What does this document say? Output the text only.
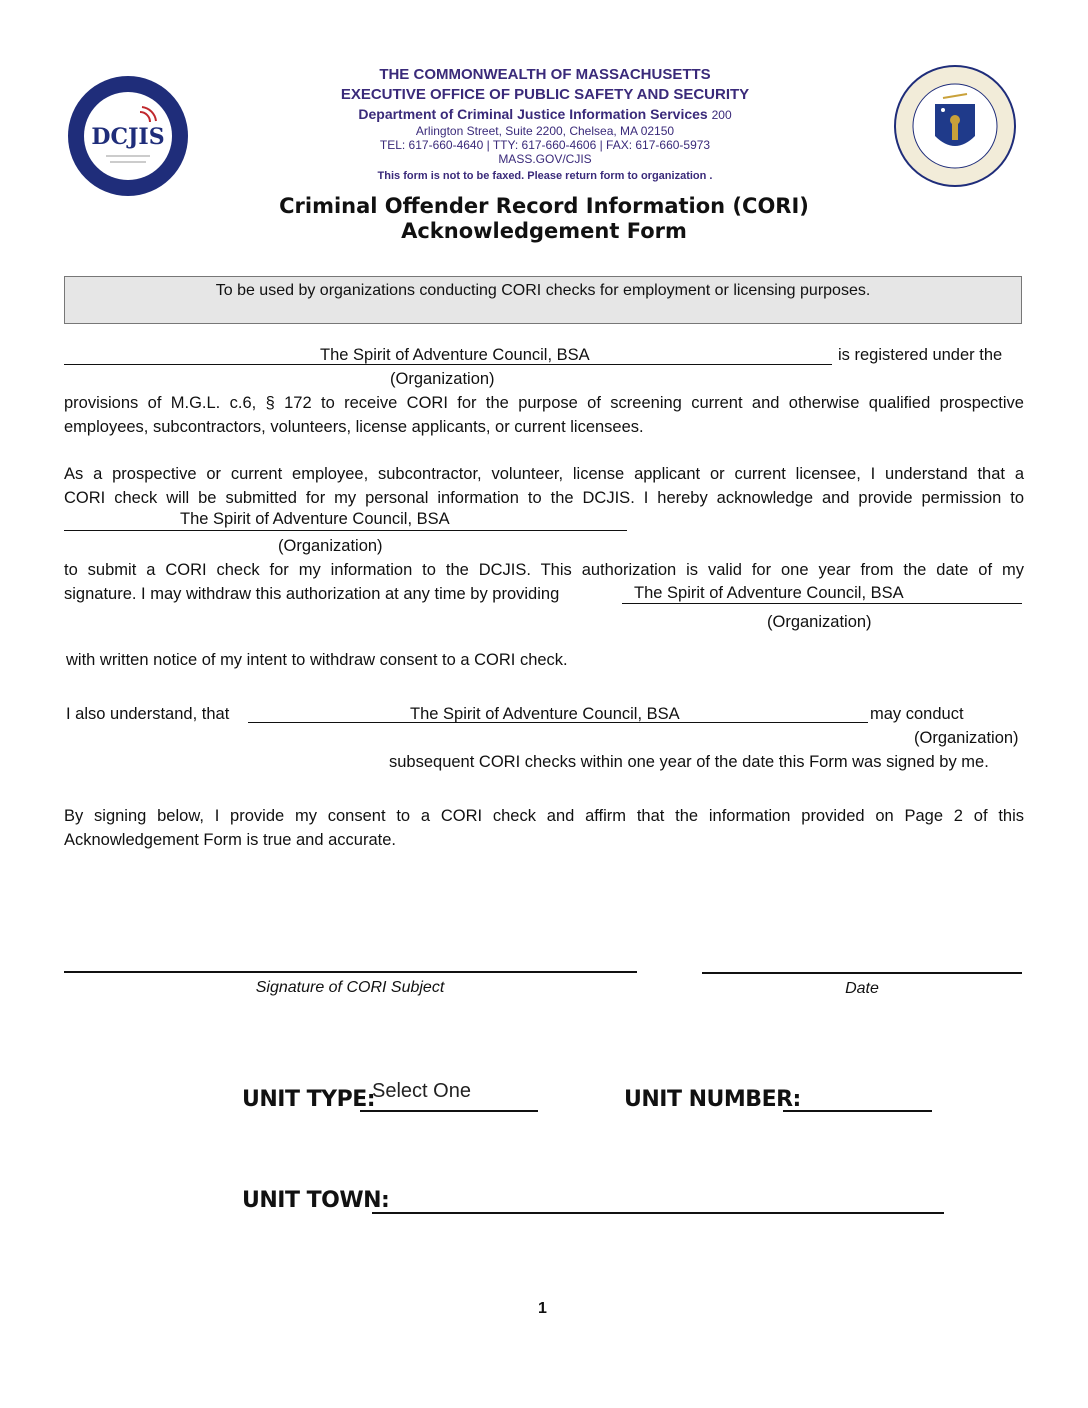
DCJIS
THE COMMONWEALTH OF MASSACHUSETTS
EXECUTIVE OFFICE OF PUBLIC SAFETY AND SECURITY
Department of Criminal Justice Information Services 200
Arlington Street, Suite 2200, Chelsea, MA 02150
TEL: 617-660-4640 | TTY: 617-660-4606 | FAX: 617-660-5973
MASS.GOV/CJIS
This form is not to be faxed. Please return form to organization .
Criminal Offender Record Information (CORI)
Acknowledgement Form
To be used by organizations conducting CORI checks for employment or licensing purposes.
The Spirit of Adventure Council, BSA	is registered under the
(Organization)
provisions of M.G.L. c.6, § 172 to receive CORI for the purpose of screening current and otherwise qualified prospective
employees, subcontractors, volunteers, license applicants, or current licensees.
As a prospective or current employee, subcontractor, volunteer, license applicant or current licensee, I understand that a
CORI check will be submitted for my personal information to the DCJIS. I hereby acknowledge and provide permission to
The Spirit of Adventure Council, BSA
(Organization)
to submit a CORI check for my information to the DCJIS. This authorization is valid for one year from the date of my
signature. I may withdraw this authorization at any time by providing	The Spirit of Adventure Council, BSA
(Organization)
with written notice of my intent to withdraw consent to a CORI check.
I also understand, that	The Spirit of Adventure Council, BSA	may conduct
(Organization)
subsequent CORI checks within one year of the date this Form was signed by me.
By signing below, I provide my consent to a CORI check and affirm that the information provided on Page 2 of this
Acknowledgement Form is true and accurate.
Signature of CORI Subject	Date
UNIT TYPE:
Select One	UNIT NUMBER:
UNIT TOWN:
1
